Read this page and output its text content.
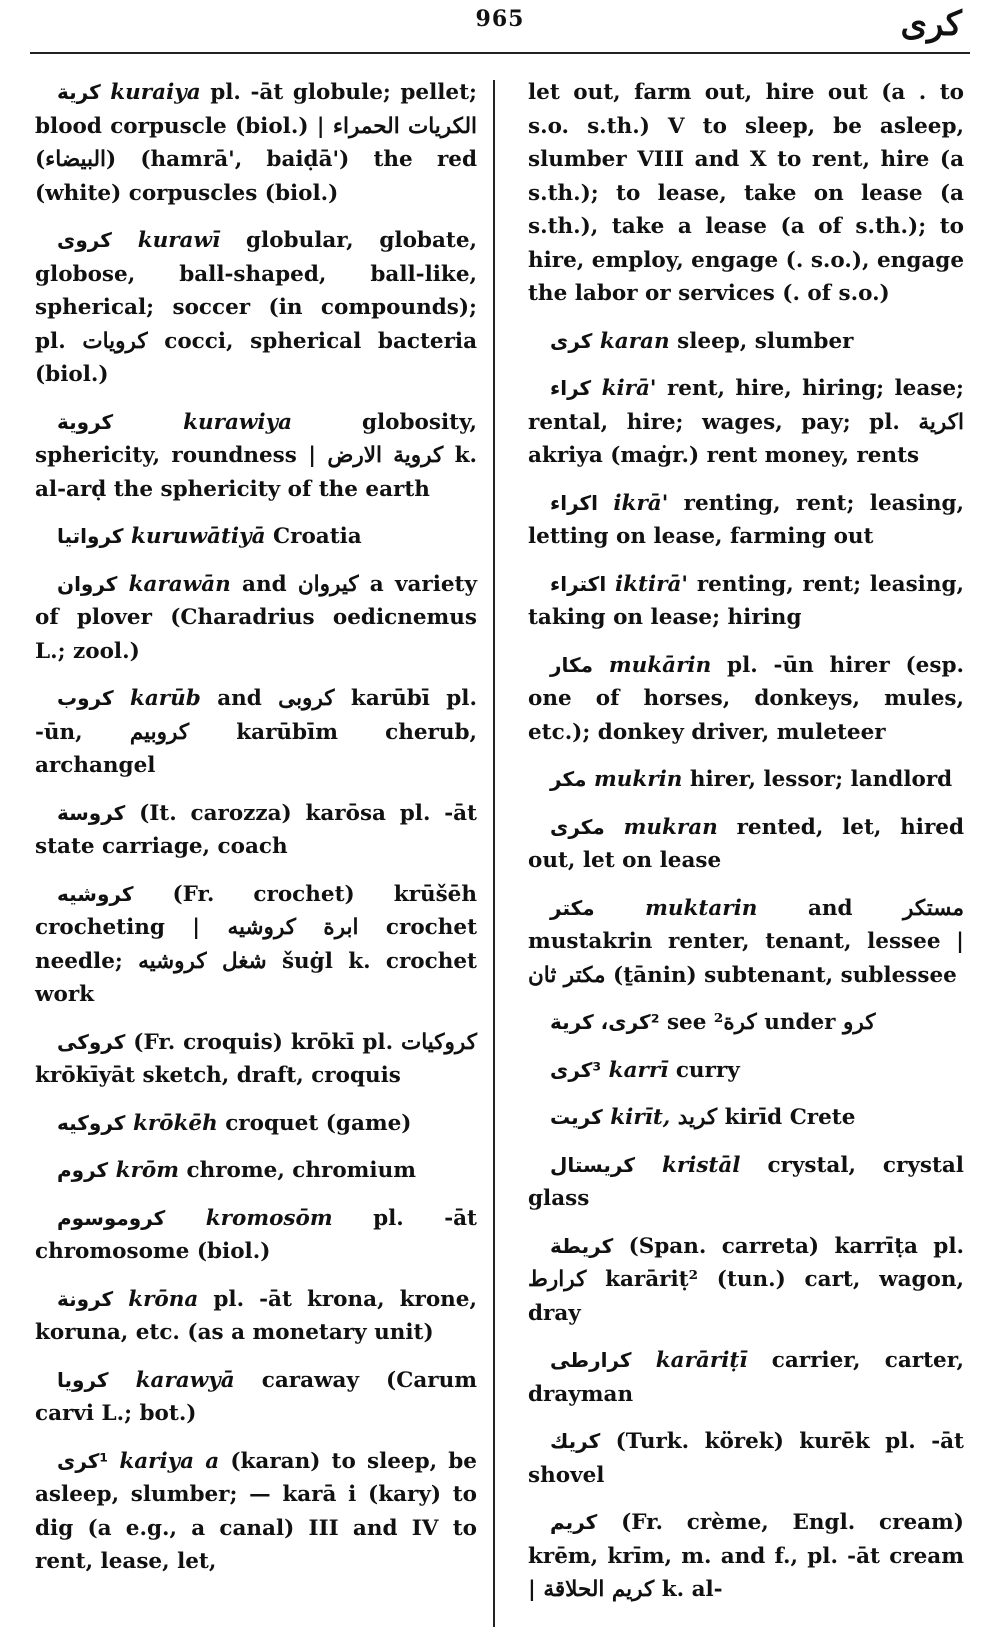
965	كرى

كرية kuraiya pl. -āt globule; pellet; blood corpuscle (biol.) | الكريات الحمراء (البيضاء) (hamrā', baiḍā') the red (white) corpuscles (biol.)

كروى kurawī globular, globate, globose, ball-shaped, ball-like, spherical; soccer (in compounds); pl. كرويات cocci, spherical bacteria (biol.)

كروية	kurawiya	globosity, sphericity, roundness | كروية الارض k. al-arḍ the sphericity of the earth

كرواتيا kuruwātiyā Croatia

كروان karawān and كيروان a variety of plover (Charadrius oedicnemus L.; zool.)

كروب karūb and كروبى karūbī pl. -ūn, كروبيم karūbīm cherub, archangel

كروسة (It. carozza) karōsa pl. -āt state carriage, coach

كروشيه (Fr. crochet) krūšēh crocheting | ابرة كروشيه crochet needle; شغل كروشيه šuġl k. crochet work

كروكى (Fr. croquis) krōkī pl. كروكيات krōkīyāt sketch, draft, croquis

كروكيه krōkēh croquet (game)

كروم krōm chrome, chromium

كروموسوم kromosōm pl. -āt chromosome (biol.)

كرونة krōna pl. -āt krona, krone, koruna, etc. (as a monetary unit)

كرويا karawyā caraway (Carum carvi L.; bot.)

¹كرى kariya a (karan) to sleep, be asleep, slumber; — karā i (kary) to dig (a e.g., a canal) III and IV to rent, lease, let,

let out, farm out, hire out (a . to s.o. s.th.) V to sleep, be asleep, slumber VIII and X to rent, hire (a s.th.); to lease, take on lease (a s.th.), take a lease (a of s.th.); to hire, employ, engage (. s.o.), engage the labor or services (. of s.o.)

كرى karan sleep, slumber

كراء kirā' rent, hire, hiring; lease; rental, hire; wages, pay; pl. اكرية akriya (maġr.) rent money, rents

اكراء ikrā' renting, rent; leasing, letting on lease, farming out

اكتراء iktirā' renting, rent; leasing, taking on lease; hiring

مكار mukārin pl. -ūn hirer (esp. one of horses, donkeys, mules, etc.); donkey driver, muleteer

مكر mukrin hirer, lessor; landlord

مكرى mukran rented, let, hired out, let on lease

مكتر muktarin and مستكر mustakrin renter, tenant, lessee | مكتر ثان (ṯānin) subtenant, sublessee

²كرى، كرية see ²كرة under كرو

³كرى karrī curry

كريت kirīt, كريد kirīd Crete

كريستال kristāl crystal, crystal glass

كريطة (Span. carreta) karrīṭa pl. كرارط karāriṭ² (tun.) cart, wagon, dray

كرارطى karāriṭī carrier, carter, drayman

كريك (Turk. körek) kurēk pl. -āt shovel

كريم (Fr. crème, Engl. cream) krēm, krīm, m. and f., pl. -āt cream | كريم الحلاقة k. al-
